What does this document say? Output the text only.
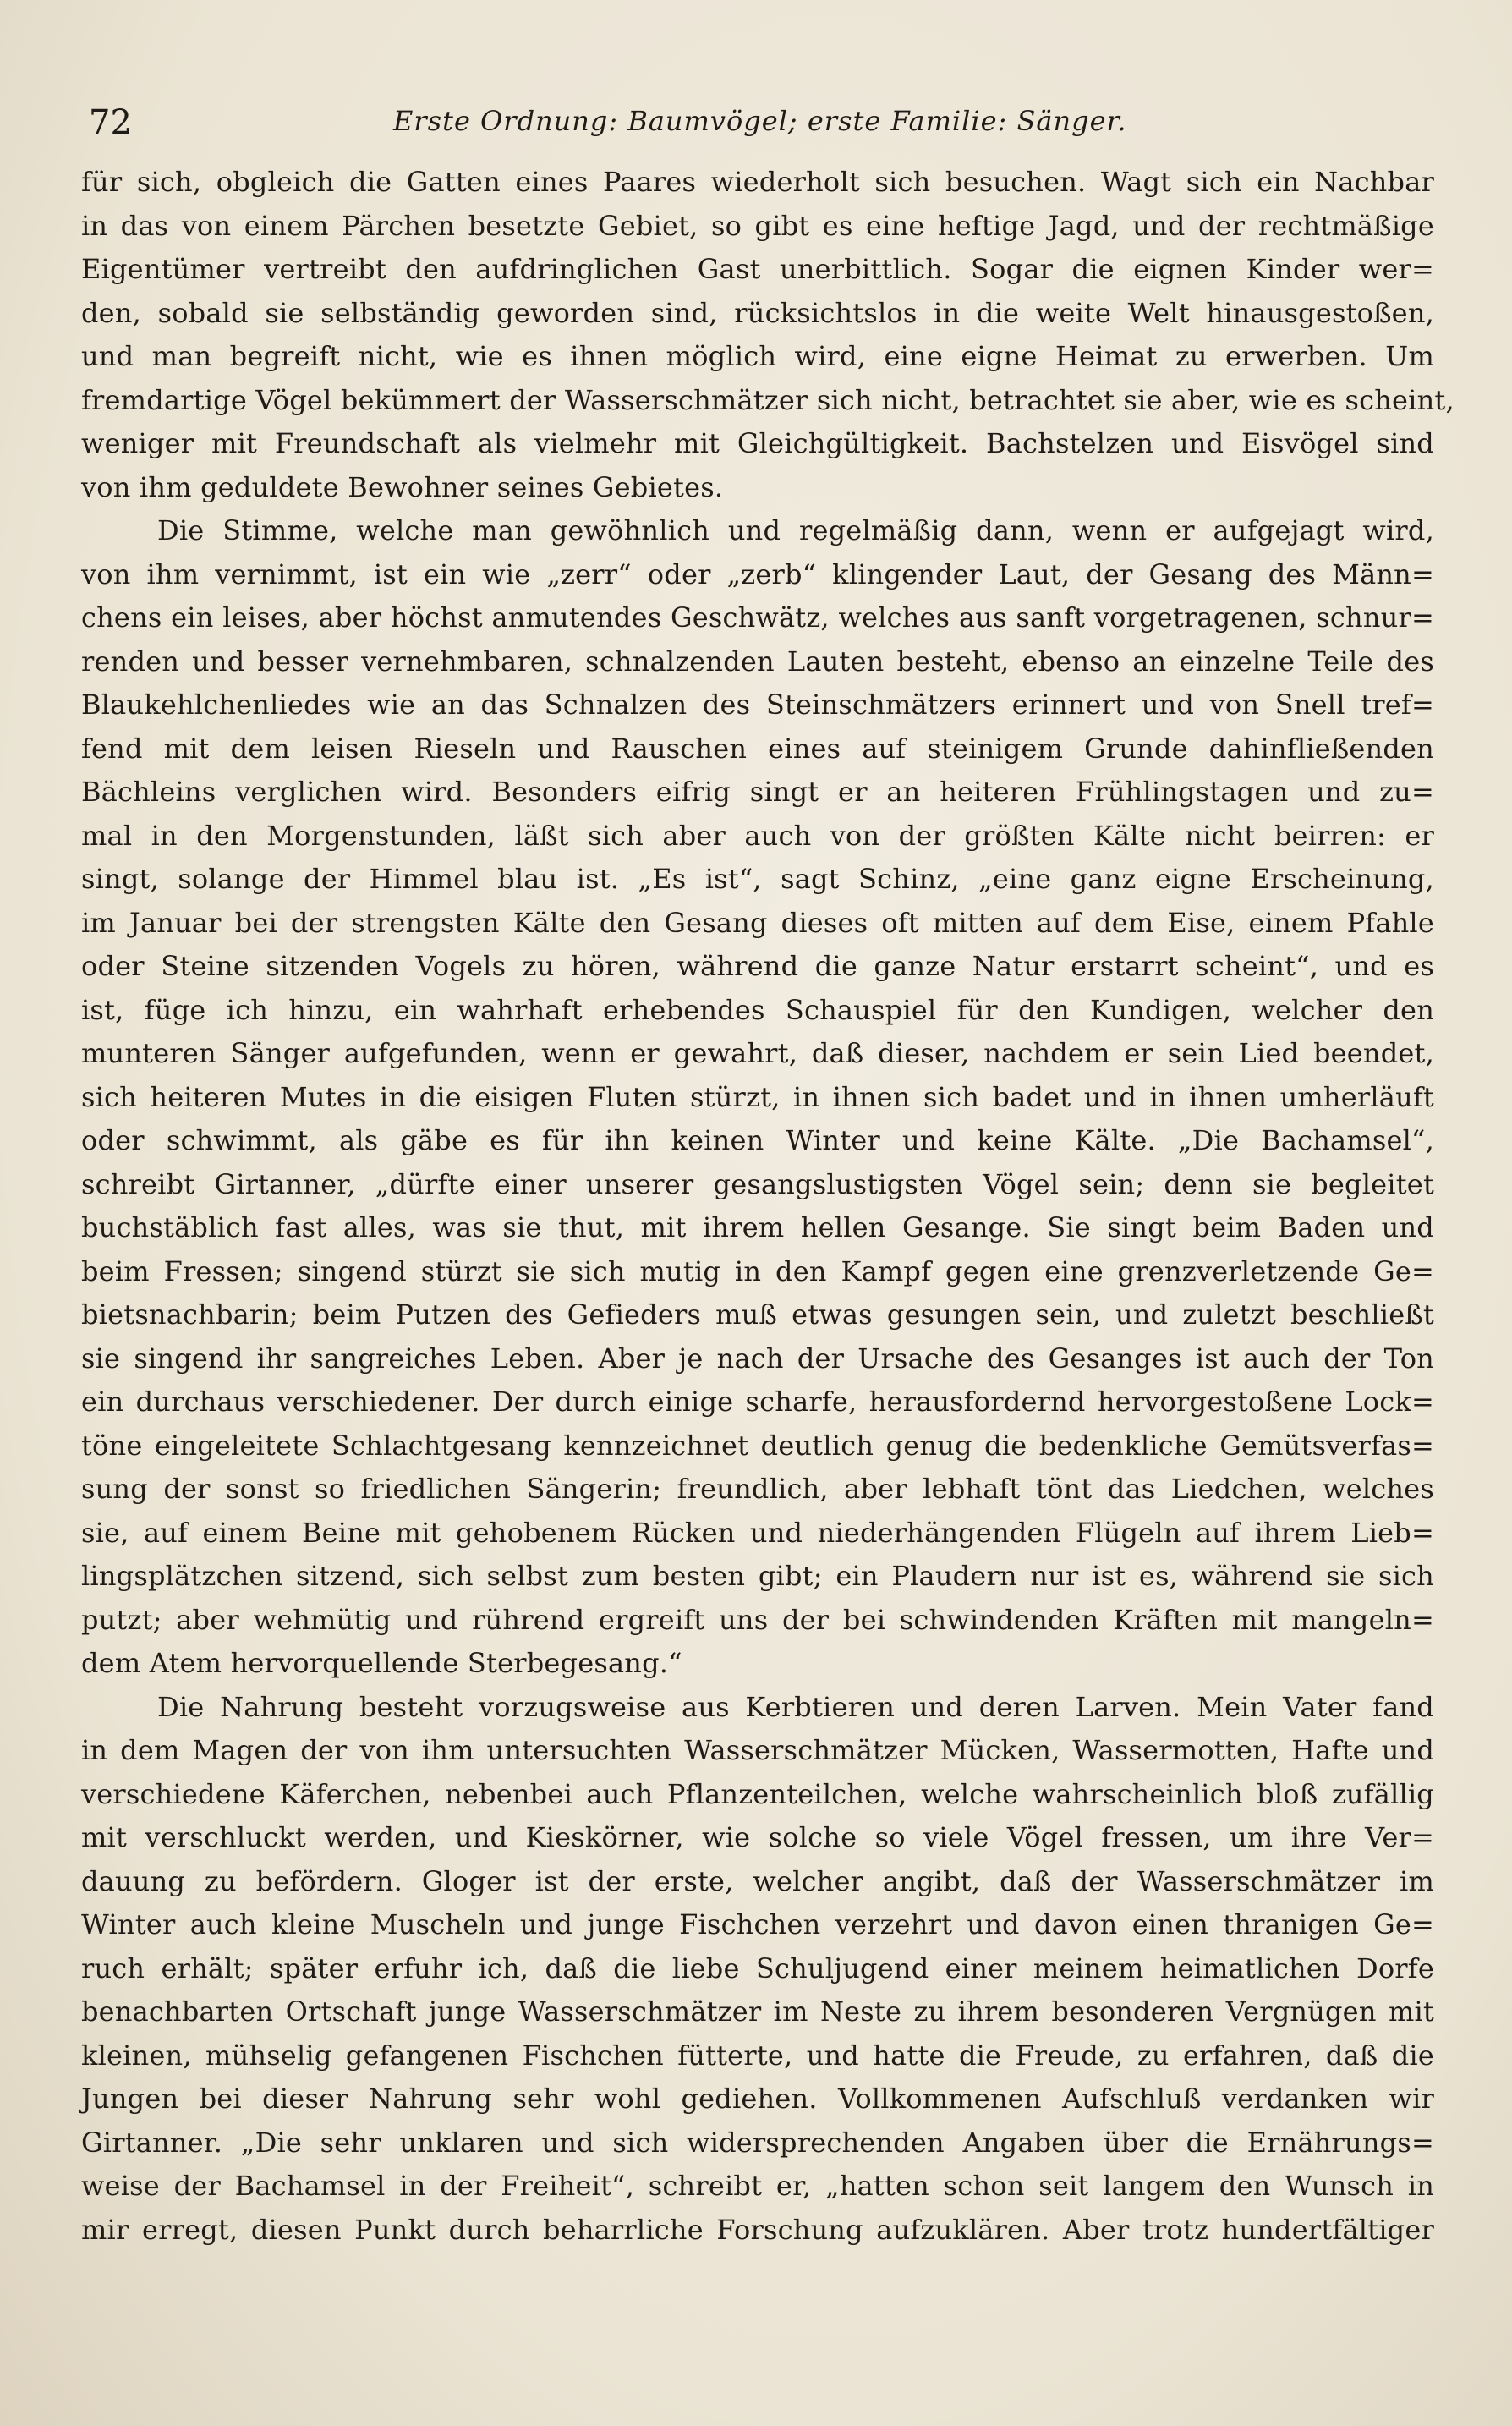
72	Erste Ordnung: Baumvögel; erste Familie: Sänger.
für sich, obgleich die Gatten eines Paares wiederholt sich besuchen. Wagt sich ein Nachbar
in das von einem Pärchen besetzte Gebiet, so gibt es eine heftige Jagd, und der rechtmäßige
Eigentümer vertreibt den aufdringlichen Gast unerbittlich. Sogar die eignen Kinder wer=
den, sobald sie selbständig geworden sind, rücksichtslos in die weite Welt hinausgestoßen,
und man begreift nicht, wie es ihnen möglich wird, eine eigne Heimat zu erwerben. Um
fremdartige Vögel bekümmert der Wasserschmätzer sich nicht, betrachtet sie aber, wie es scheint,
weniger mit Freundschaft als vielmehr mit Gleichgültigkeit. Bachstelzen und Eisvögel sind
von ihm geduldete Bewohner seines Gebietes.
Die Stimme, welche man gewöhnlich und regelmäßig dann, wenn er aufgejagt wird,
von ihm vernimmt, ist ein wie „zerr“ oder „zerb“ klingender Laut, der Gesang des Männ=
chens ein leises, aber höchst anmutendes Geschwätz, welches aus sanft vorgetragenen, schnur=
renden und besser vernehmbaren, schnalzenden Lauten besteht, ebenso an einzelne Teile des
Blaukehlchenliedes wie an das Schnalzen des Steinschmätzers erinnert und von Snell tref=
fend mit dem leisen Rieseln und Rauschen eines auf steinigem Grunde dahinfließenden
Bächleins verglichen wird. Besonders eifrig singt er an heiteren Frühlingstagen und zu=
mal in den Morgenstunden, läßt sich aber auch von der größten Kälte nicht beirren: er
singt, solange der Himmel blau ist. „Es ist“, sagt Schinz, „eine ganz eigne Erscheinung,
im Januar bei der strengsten Kälte den Gesang dieses oft mitten auf dem Eise, einem Pfahle
oder Steine sitzenden Vogels zu hören, während die ganze Natur erstarrt scheint“, und es
ist, füge ich hinzu, ein wahrhaft erhebendes Schauspiel für den Kundigen, welcher den
munteren Sänger aufgefunden, wenn er gewahrt, daß dieser, nachdem er sein Lied beendet,
sich heiteren Mutes in die eisigen Fluten stürzt, in ihnen sich badet und in ihnen umherläuft
oder schwimmt, als gäbe es für ihn keinen Winter und keine Kälte. „Die Bachamsel“,
schreibt Girtanner, „dürfte einer unserer gesangslustigsten Vögel sein; denn sie begleitet
buchstäblich fast alles, was sie thut, mit ihrem hellen Gesange. Sie singt beim Baden und
beim Fressen; singend stürzt sie sich mutig in den Kampf gegen eine grenzverletzende Ge=
bietsnachbarin; beim Putzen des Gefieders muß etwas gesungen sein, und zuletzt beschließt
sie singend ihr sangreiches Leben. Aber je nach der Ursache des Gesanges ist auch der Ton
ein durchaus verschiedener. Der durch einige scharfe, herausfordernd hervorgestoßene Lock=
töne eingeleitete Schlachtgesang kennzeichnet deutlich genug die bedenkliche Gemütsverfas=
sung der sonst so friedlichen Sängerin; freundlich, aber lebhaft tönt das Liedchen, welches
sie, auf einem Beine mit gehobenem Rücken und niederhängenden Flügeln auf ihrem Lieb=
lingsplätzchen sitzend, sich selbst zum besten gibt; ein Plaudern nur ist es, während sie sich
putzt; aber wehmütig und rührend ergreift uns der bei schwindenden Kräften mit mangeln=
dem Atem hervorquellende Sterbegesang.“
Die Nahrung besteht vorzugsweise aus Kerbtieren und deren Larven. Mein Vater fand
in dem Magen der von ihm untersuchten Wasserschmätzer Mücken, Wassermotten, Hafte und
verschiedene Käferchen, nebenbei auch Pflanzenteilchen, welche wahrscheinlich bloß zufällig
mit verschluckt werden, und Kieskörner, wie solche so viele Vögel fressen, um ihre Ver=
dauung zu befördern. Gloger ist der erste, welcher angibt, daß der Wasserschmätzer im
Winter auch kleine Muscheln und junge Fischchen verzehrt und davon einen thranigen Ge=
ruch erhält; später erfuhr ich, daß die liebe Schuljugend einer meinem heimatlichen Dorfe
benachbarten Ortschaft junge Wasserschmätzer im Neste zu ihrem besonderen Vergnügen mit
kleinen, mühselig gefangenen Fischchen fütterte, und hatte die Freude, zu erfahren, daß die
Jungen bei dieser Nahrung sehr wohl gediehen. Vollkommenen Aufschluß verdanken wir
Girtanner. „Die sehr unklaren und sich widersprechenden Angaben über die Ernährungs=
weise der Bachamsel in der Freiheit“, schreibt er, „hatten schon seit langem den Wunsch in
mir erregt, diesen Punkt durch beharrliche Forschung aufzuklären. Aber trotz hundertfältiger
